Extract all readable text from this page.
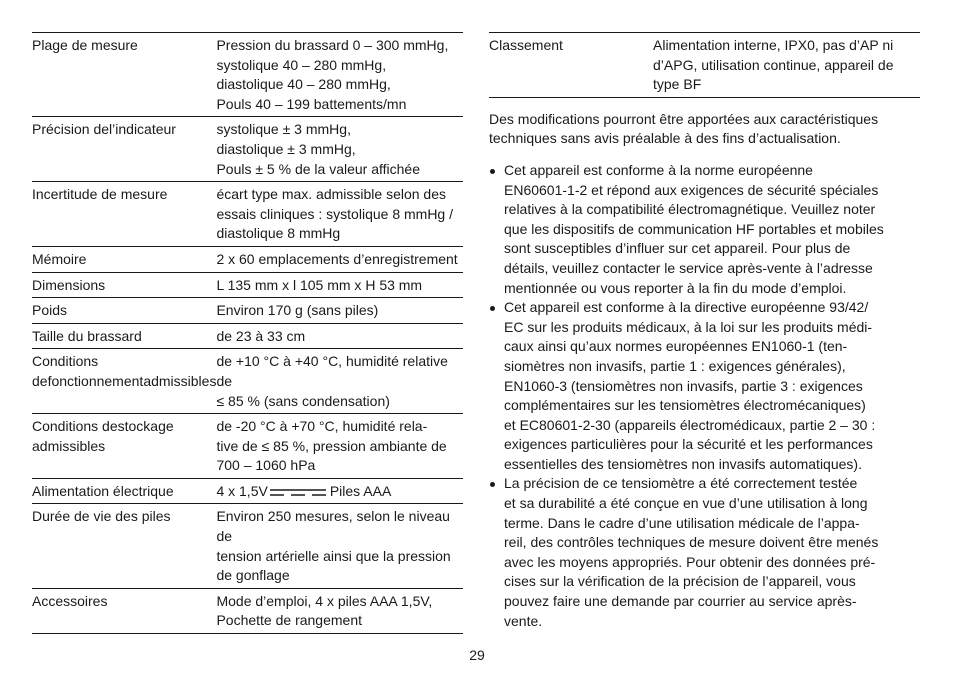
Plage de mesure	Pression du brassard 0 – 300 mmHg,
systolique 40 – 280 mmHg,
diastolique 40 – 280 mmHg,
Pouls 40 – 199 battements/mn

Précision del’indicateur	systolique ± 3 mmHg,
diastolique ± 3 mmHg,
Pouls ± 5 % de la valeur affichée

Incertitude de mesure	écart type max. admissible selon des
essais cliniques : systolique 8 mmHg /
diastolique 8 mmHg

Mémoire	2 x 60 emplacements d’enregistrement

Dimensions	L 135 mm x l 105 mm x H 53 mm

Poids	Environ 170 g (sans piles)

Taille du brassard	de 23 à 33 cm

Conditions defonctionnementadmissibles	de +10 °C à +40 °C, humidité relative de
≤ 85 % (sans condensation)

Conditions destockage admissibles	de -20 °C à +70 °C, humidité rela-
tive de ≤ 85 %, pression ambiante de
700 – 1060 hPa

Alimentation électrique	4 x 1,5V Piles AAA
Durée de vie des piles	Environ 250 mesures, selon le niveau de
tension artérielle ainsi que la pression
de gonflage

Accessoires	Mode d’emploi, 4 x piles AAA 1,5V,
Pochette de rangement
Classement	Alimentation interne, IPX0, pas d’AP ni
d’APG, utilisation continue, appareil de
type BF

Des modifications pourront être apportées aux caractéristiques
techniques sans avis préalable à des fins d’actualisation.

Cet appareil est conforme à la norme européenne
EN60601-1-2 et répond aux exigences de sécurité spéciales
relatives à la compatibilité électromagnétique. Veuillez noter
que les dispositifs de communication HF portables et mobiles
sont susceptibles d’influer sur cet appareil. Pour plus de
détails, veuillez contacter le service après-vente à l’adresse
mentionnée ou vous reporter à la fin du mode d’emploi.
Cet appareil est conforme à la directive européenne 93/42/
EC sur les produits médicaux, à la loi sur les produits médi-
caux ainsi qu’aux normes européennes EN1060-1 (ten-
siomètres non invasifs, partie 1 : exigences générales),
EN1060-3 (tensiomètres non invasifs, partie 3 : exigences
complémentaires sur les tensiomètres électromécaniques)
et EC80601-2-30 (appareils électromédicaux, partie 2 – 30 :
exigences particulières pour la sécurité et les performances
essentielles des tensiomètres non invasifs automatiques).
La précision de ce tensiomètre a été correctement testée
et sa durabilité a été conçue en vue d’une utilisation à long
terme. Dans le cadre d’une utilisation médicale de l’appa-
reil, des contrôles techniques de mesure doivent être menés
avec les moyens appropriés. Pour obtenir des données pré-
cises sur la vérification de la précision de l’appareil, vous
pouvez faire une demande par courrier au service après-
vente.
29
